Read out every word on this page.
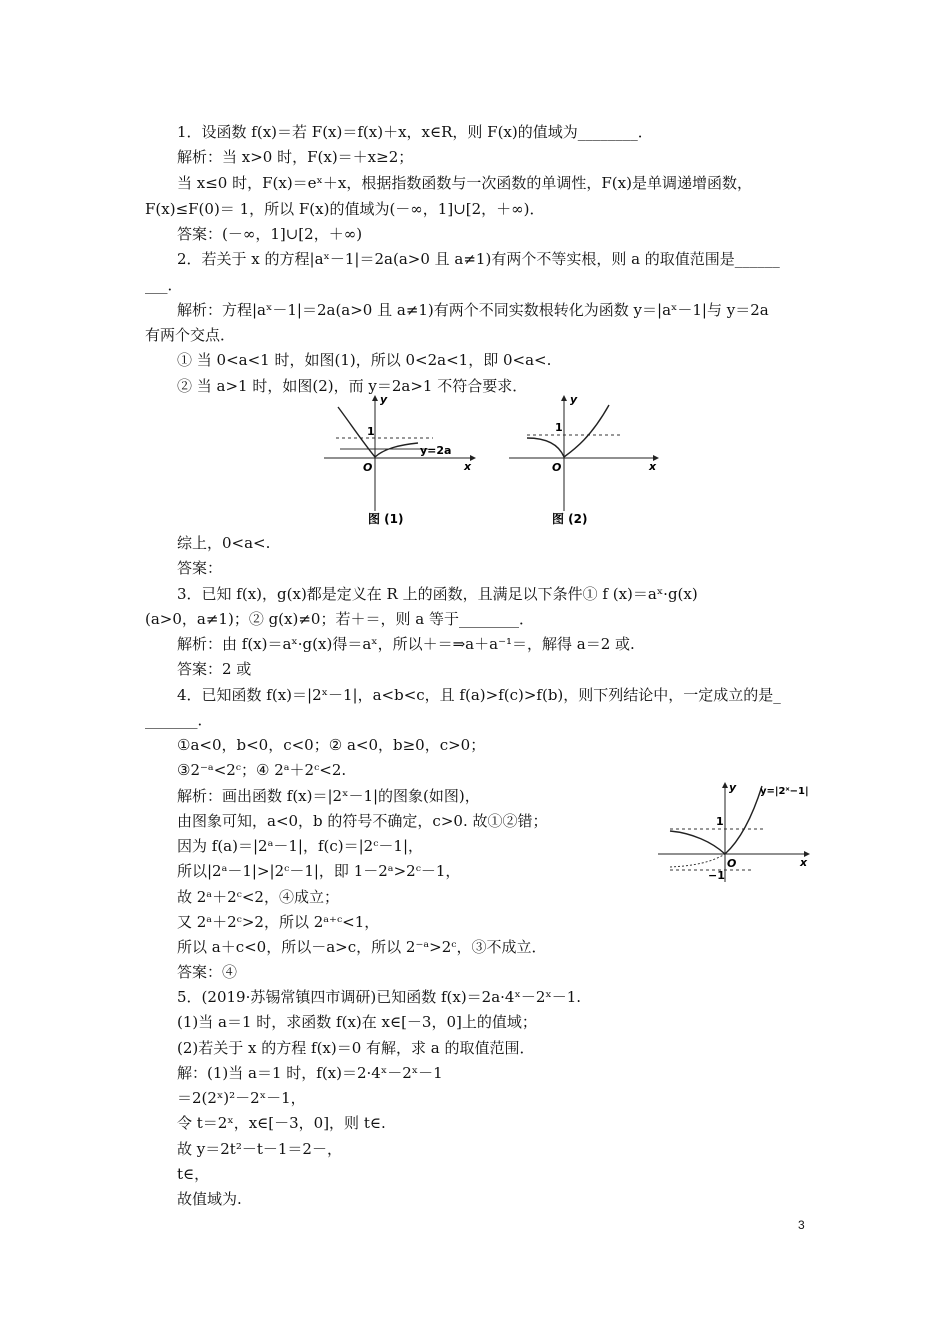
1．设函数 f(x)＝若 F(x)＝f(x)＋x，x∈R，则 F(x)的值域为________．
解析：当 x>0 时，F(x)＝＋x≥2；
当 x≤0 时，F(x)＝eˣ＋x，根据指数函数与一次函数的单调性，F(x)是单调递增函数，
F(x)≤F(0)＝ 1，所以 F(x)的值域为(－∞，1]∪[2，＋∞)．
答案：(－∞，1]∪[2，＋∞)
2．若关于 x 的方程|aˣ－1|＝2a(a>0 且 a≠1)有两个不等实根，则 a 的取值范围是______
___．
解析：方程|aˣ－1|＝2a(a>0 且 a≠1)有两个不同实数根转化为函数 y＝|aˣ－1|与 y＝2a
有两个交点．
① 当 0<a<1 时，如图(1)，所以 0<2a<1，即 0<a<.
② 当 a>1 时，如图(2)，而 y＝2a>1 不符合要求．
O
y
x
1
y=2a
图 (1)
O
y
x
1
图 (2)
综上，0<a<.
答案：
3．已知 f(x)，g(x)都是定义在 R 上的函数，且满足以下条件① f (x)＝aˣ·g(x)
(a>0，a≠1)；② g(x)≠0；若＋＝，则 a 等于________．
解析：由 f(x)＝aˣ·g(x)得＝aˣ，所以＋＝⇒a＋a⁻¹＝，解得 a＝2 或.
答案：2 或
4．已知函数 f(x)＝|2ˣ－1|，a<b<c，且 f(a)>f(c)>f(b)，则下列结论中，一定成立的是_
_______．
①a<0，b<0，c<0；② a<0，b≥0，c>0；
③2⁻ᵃ<2ᶜ；④ 2ᵃ＋2ᶜ<2.
解析：画出函数 f(x)＝|2ˣ－1|的图象(如图)，
由图象可知，a<0，b 的符号不确定，c>0. 故①②错；
因为 f(a)＝|2ᵃ－1|，f(c)＝|2ᶜ－1|，
所以|2ᵃ－1|>|2ᶜ－1|，即 1－2ᵃ>2ᶜ－1，
故 2ᵃ＋2ᶜ<2，④成立；
又 2ᵃ＋2ᶜ>2，所以 2ᵃ⁺ᶜ<1，
所以 a＋c<0，所以－a>c，所以 2⁻ᵃ>2ᶜ，③不成立．
答案：④
O
y
x
1
−1
y=|2ˣ−1|
5．(2019·苏锡常镇四市调研)已知函数 f(x)＝2a·4ˣ－2ˣ－1.
(1)当 a＝1 时，求函数 f(x)在 x∈[－3，0]上的值域；
(2)若关于 x 的方程 f(x)＝0 有解，求 a 的取值范围．
解：(1)当 a＝1 时，f(x)＝2·4ˣ－2ˣ－1
＝2(2ˣ)²－2ˣ－1，
令 t＝2ˣ，x∈[－3，0]，则 t∈.
故 y＝2t²－t－1＝2－，
t∈，
故值域为.
3
